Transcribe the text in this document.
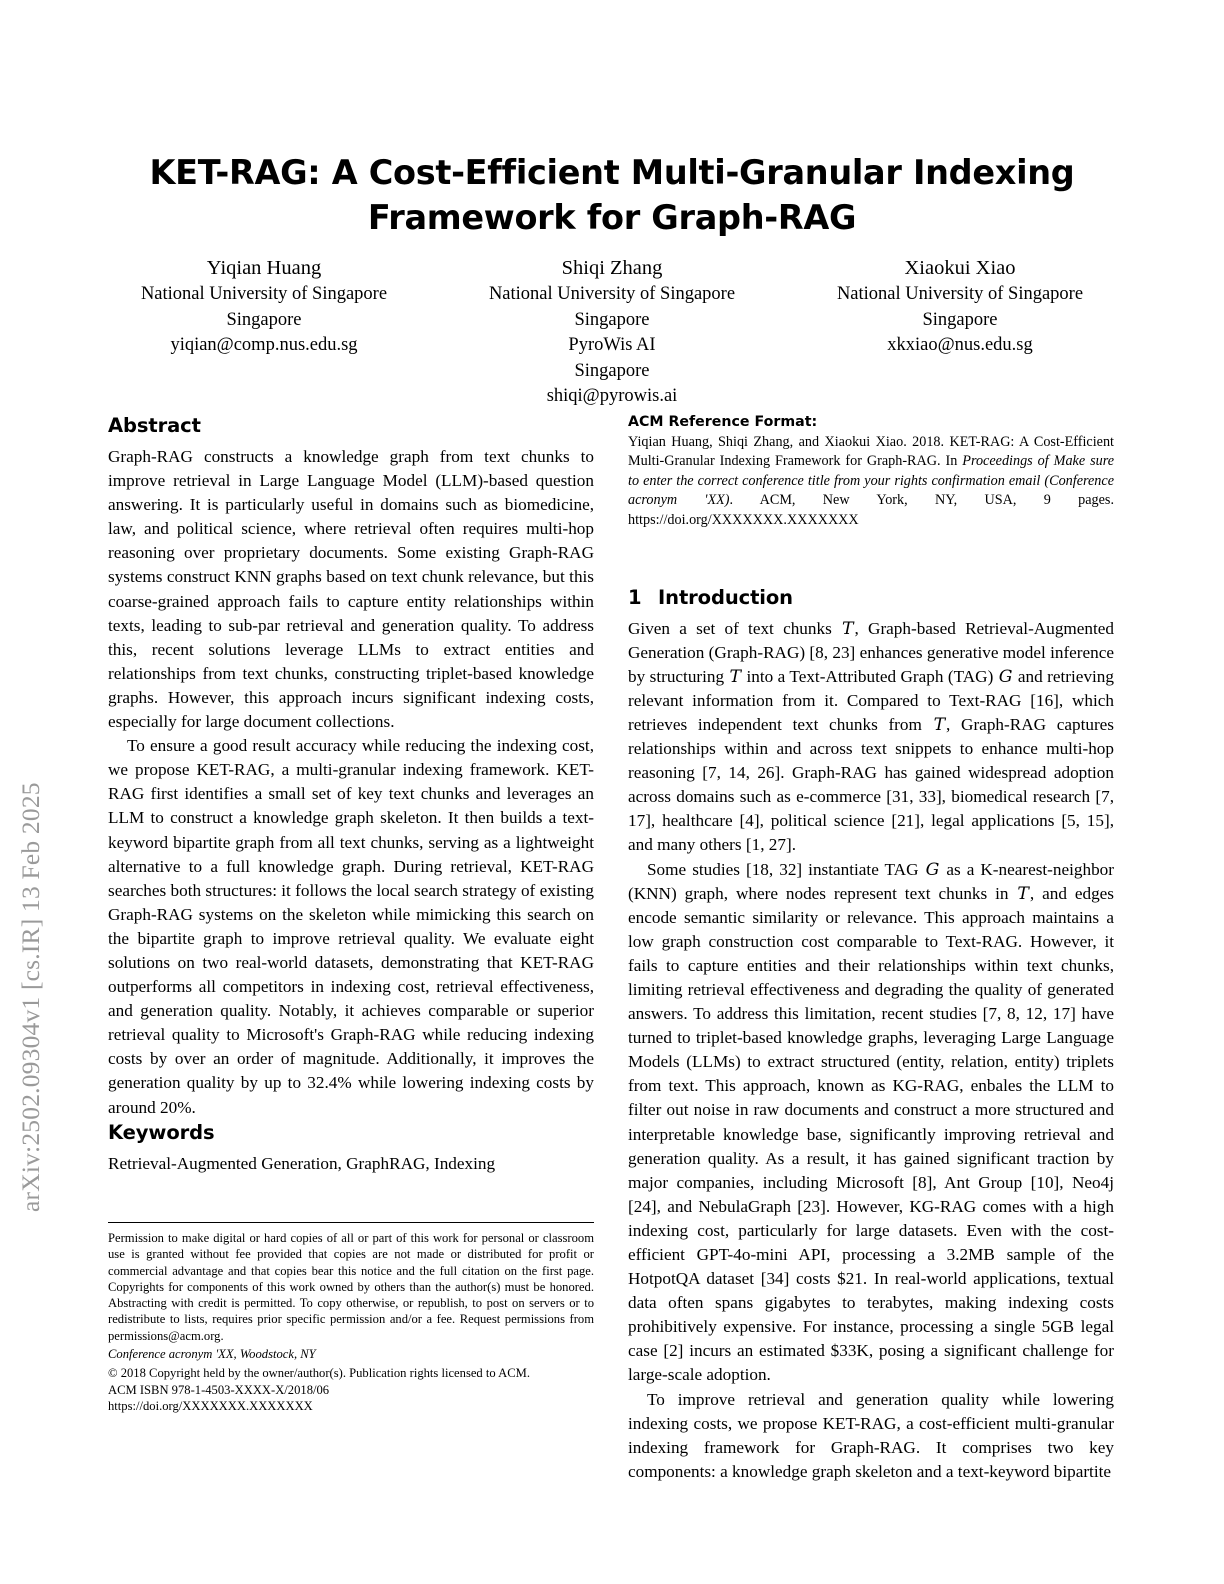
arXiv:2502.09304v1 [cs.IR] 13 Feb 2025
KET-RAG: A Cost-Efficient Multi-Granular Indexing Framework for Graph-RAG
Yiqian Huang
National University of Singapore
Singapore
yiqian@comp.nus.edu.sg
Shiqi Zhang
National University of Singapore
Singapore
PyroWis AI
Singapore
shiqi@pyrowis.ai
Xiaokui Xiao
National University of Singapore
Singapore
xkxiao@nus.edu.sg
Abstract

Graph-RAG constructs a knowledge graph from text chunks to improve retrieval in Large Language Model (LLM)-based question answering. It is particularly useful in domains such as biomedicine, law, and political science, where retrieval often requires multi-hop reasoning over proprietary documents. Some existing Graph-RAG systems construct KNN graphs based on text chunk relevance, but this coarse-grained approach fails to capture entity relationships within texts, leading to sub-par retrieval and generation quality. To address this, recent solutions leverage LLMs to extract entities and relationships from text chunks, constructing triplet-based knowledge graphs. However, this approach incurs significant indexing costs, especially for large document collections.

To ensure a good result accuracy while reducing the indexing cost, we propose KET-RAG, a multi-granular indexing framework. KET-RAG first identifies a small set of key text chunks and leverages an LLM to construct a knowledge graph skeleton. It then builds a text-keyword bipartite graph from all text chunks, serving as a lightweight alternative to a full knowledge graph. During retrieval, KET-RAG searches both structures: it follows the local search strategy of existing Graph-RAG systems on the skeleton while mimicking this search on the bipartite graph to improve retrieval quality. We evaluate eight solutions on two real-world datasets, demonstrating that KET-RAG outperforms all competitors in indexing cost, retrieval effectiveness, and generation quality. Notably, it achieves comparable or superior retrieval quality to Microsoft's Graph-RAG while reducing indexing costs by over an order of magnitude. Additionally, it improves the generation quality by up to 32.4% while lowering indexing costs by around 20%.

Keywords

Retrieval-Augmented Generation, GraphRAG, Indexing

ACM Reference Format:
Yiqian Huang, Shiqi Zhang, and Xiaokui Xiao. 2018. KET-RAG: A Cost-Efficient Multi-Granular Indexing Framework for Graph-RAG. In Proceedings of Make sure to enter the correct conference title from your rights confirmation email (Conference acronym 'XX). ACM, New York, NY, USA, 9 pages. https://doi.org/XXXXXXX.XXXXXXX
1 Introduction

Given a set of text chunks T, Graph-based Retrieval-Augmented Generation (Graph-RAG) [8, 23] enhances generative model inference by structuring T into a Text-Attributed Graph (TAG) G and retrieving relevant information from it. Compared to Text-RAG [16], which retrieves independent text chunks from T, Graph-RAG captures relationships within and across text snippets to enhance multi-hop reasoning [7, 14, 26]. Graph-RAG has gained widespread adoption across domains such as e-commerce [31, 33], biomedical research [7, 17], healthcare [4], political science [21], legal applications [5, 15], and many others [1, 27].

Some studies [18, 32] instantiate TAG G as a K-nearest-neighbor (KNN) graph, where nodes represent text chunks in T, and edges encode semantic similarity or relevance. This approach maintains a low graph construction cost comparable to Text-RAG. However, it fails to capture entities and their relationships within text chunks, limiting retrieval effectiveness and degrading the quality of generated answers. To address this limitation, recent studies [7, 8, 12, 17] have turned to triplet-based knowledge graphs, leveraging Large Language Models (LLMs) to extract structured (entity, relation, entity) triplets from text. This approach, known as KG-RAG, enbales the LLM to filter out noise in raw documents and construct a more structured and interpretable knowledge base, significantly improving retrieval and generation quality. As a result, it has gained significant traction by major companies, including Microsoft [8], Ant Group [10], Neo4j [24], and NebulaGraph [23]. However, KG-RAG comes with a high indexing cost, particularly for large datasets. Even with the cost-efficient GPT-4o-mini API, processing a 3.2MB sample of the HotpotQA dataset [34] costs $21. In real-world applications, textual data often spans gigabytes to terabytes, making indexing costs prohibitively expensive. For instance, processing a single 5GB legal case [2] incurs an estimated $33K, posing a significant challenge for large-scale adoption.

To improve retrieval and generation quality while lowering indexing costs, we propose KET-RAG, a cost-efficient multi-granular indexing framework for Graph-RAG. It comprises two key components: a knowledge graph skeleton and a text-keyword bipartite

Permission to make digital or hard copies of all or part of this work for personal or classroom use is granted without fee provided that copies are not made or distributed for profit or commercial advantage and that copies bear this notice and the full citation on the first page. Copyrights for components of this work owned by others than the author(s) must be honored. Abstracting with credit is permitted. To copy otherwise, or republish, to post on servers or to redistribute to lists, requires prior specific permission and/or a fee. Request permissions from permissions@acm.org.
Conference acronym 'XX, Woodstock, NY
© 2018 Copyright held by the owner/author(s). Publication rights licensed to ACM.
ACM ISBN 978-1-4503-XXXX-X/2018/06
https://doi.org/XXXXXXX.XXXXXXX
